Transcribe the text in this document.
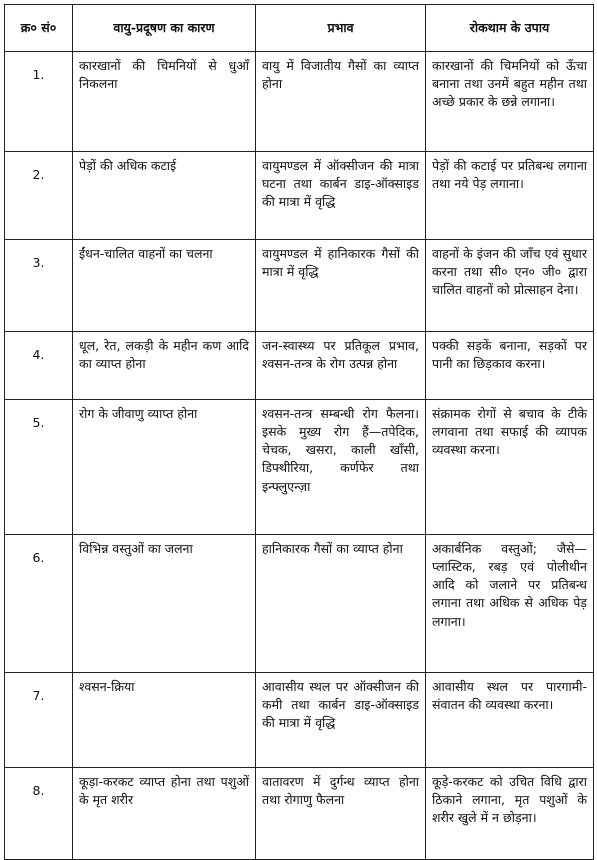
क्र० सं०	वायु-प्रदूषण का कारण	प्रभाव	रोकथाम के उपाय
1.	कारखानों की चिमनियों से धुआँ निकलना	वायु में विजातीय गैसों का व्याप्त होना	कारखानों की चिमनियों को ऊँचा बनाना तथा उनमें बहुत महीन तथा अच्छे प्रकार के छन्ने लगाना।
2.	पेड़ों की अधिक कटाई	वायुमण्डल में ऑक्सीजन की मात्रा घटना तथा कार्बन डाइ-ऑक्साइड की मात्रा में वृद्धि	पेड़ों की कटाई पर प्रतिबन्ध लगाना तथा नये पेड़ लगाना।
3.	ईंधन-चालित वाहनों का चलना	वायुमण्डल में हानिकारक गैसों की मात्रा में वृद्धि	वाहनों के इंजन की जाँच एवं सुधार करना तथा सी० एन० जी० द्वारा चालित वाहनों को प्रोत्साहन देना।
4.	धूल, रेत, लकड़ी के महीन कण आदि का व्याप्त होना	जन-स्वास्थ्य पर प्रतिकूल प्रभाव, श्वसन-तन्त्र के रोग उत्पन्न होना	पक्की सड़कें बनाना, सड़कों पर पानी का छिड़काव करना।
5.	रोग के जीवाणु व्याप्त होना	श्वसन-तन्त्र सम्बन्धी रोग फैलना। इसके मुख्य रोग हैं—तपेदिक, चेचक, खसरा, काली खाँसी, डिफ्थीरिया, कर्णफेर तथा इन्फ्लुएन्ज़ा	संक्रामक रोगों से बचाव के टीके लगवाना तथा सफाई की व्यापक व्यवस्था करना।
6.	विभिन्न वस्तुओं का जलना	हानिकारक गैसों का व्याप्त होना	अकार्बनिक वस्तुओं; जैसे—प्लास्टिक, रबड़ एवं पोलीथीन आदि को जलाने पर प्रतिबन्ध लगाना तथा अधिक से अधिक पेड़ लगाना।
7.	श्वसन-क्रिया	आवासीय स्थल पर ऑक्सीजन की कमी तथा कार्बन डाइ-ऑक्साइड की मात्रा में वृद्धि	आवासीय स्थल पर पारगामी-संवातन की व्यवस्था करना।
8.	कूड़ा-करकट व्याप्त होना तथा पशुओं के मृत शरीर	वातावरण में दुर्गन्ध व्याप्त होना तथा रोगाणु फैलना	कूड़े-करकट को उचित विधि द्वारा ठिकाने लगाना, मृत पशुओं के शरीर खुले में न छोड़ना।
